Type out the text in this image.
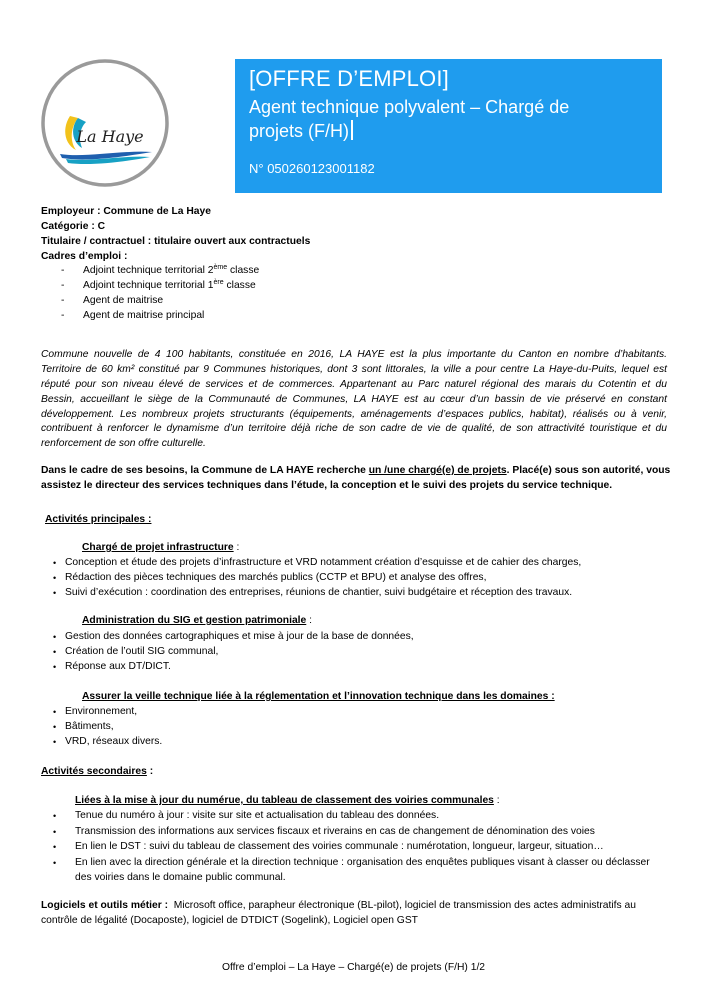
La Haye
[OFFRE D’EMPLOI]
Agent technique polyvalent – Chargé de
projets (F/H)
N° 050260123001182
Employeur : Commune de La Haye
Catégorie : C
Titulaire / contractuel : titulaire ouvert aux contractuels
Cadres d’emploi :
- Adjoint technique territorial 2ème classe
- Adjoint technique territorial 1ère classe
- Agent de maitrise
- Agent de maitrise principal
Commune nouvelle de 4 100 habitants, constituée en 2016, LA HAYE est la plus importante du Canton en nombre d’habitants.
Territoire de 60 km² constitué par 9 Communes historiques, dont 3 sont littorales, la ville a pour centre La Haye-du-Puits, lequel est
réputé pour son niveau élevé de services et de commerces. Appartenant au Parc naturel régional des marais du Cotentin et du
Bessin, accueillant le siège de la Communauté de Communes, LA HAYE est au cœur d’un bassin de vie préservé en constant
développement. Les nombreux projets structurants (équipements, aménagements d’espaces publics, habitat), réalisés ou à venir,
contribuent à renforcer le dynamisme d’un territoire déjà riche de son cadre de vie de qualité, de son attractivité touristique et du
renforcement de son offre culturelle.
Dans le cadre de ses besoins, la Commune de LA HAYE recherche un /une chargé(e) de projets. Placé(e) sous son autorité, vous
assistez le directeur des services techniques dans l’étude, la conception et le suivi des projets du service technique.
Activités principales :
Chargé de projet infrastructure :
• Conception et étude des projets d’infrastructure et VRD notamment création d’esquisse et de cahier des charges,
• Rédaction des pièces techniques des marchés publics (CCTP et BPU) et analyse des offres,
• Suivi d’exécution : coordination des entreprises, réunions de chantier, suivi budgétaire et réception des travaux.
Administration du SIG et gestion patrimoniale :
• Gestion des données cartographiques et mise à jour de la base de données,
• Création de l’outil SIG communal,
• Réponse aux DT/DICT.
Assurer la veille technique liée à la réglementation et l’innovation technique dans les domaines :
• Environnement,
• Bâtiments,
• VRD, réseaux divers.
Activités secondaires :
Liées à la mise à jour du numérue, du tableau de classement des voiries communales :
• Tenue du numéro à jour : visite sur site et actualisation du tableau des données.
• Transmission des informations aux services fiscaux et riverains en cas de changement de dénomination des voies
• En lien le DST : suivi du tableau de classement des voiries communale : numérotation, longueur, largeur, situation…
• En lien avec la direction générale et la direction technique : organisation des enquêtes publiques visant à classer ou déclasser
des voiries dans le domaine public communal.
Logiciels et outils métier :  Microsoft office, parapheur électronique (BL-pilot), logiciel de transmission des actes administratifs au
contrôle de légalité (Docaposte), logiciel de DTDICT (Sogelink), Logiciel open GST
Offre d’emploi – La Haye – Chargé(e) de projets (F/H) 1/2
